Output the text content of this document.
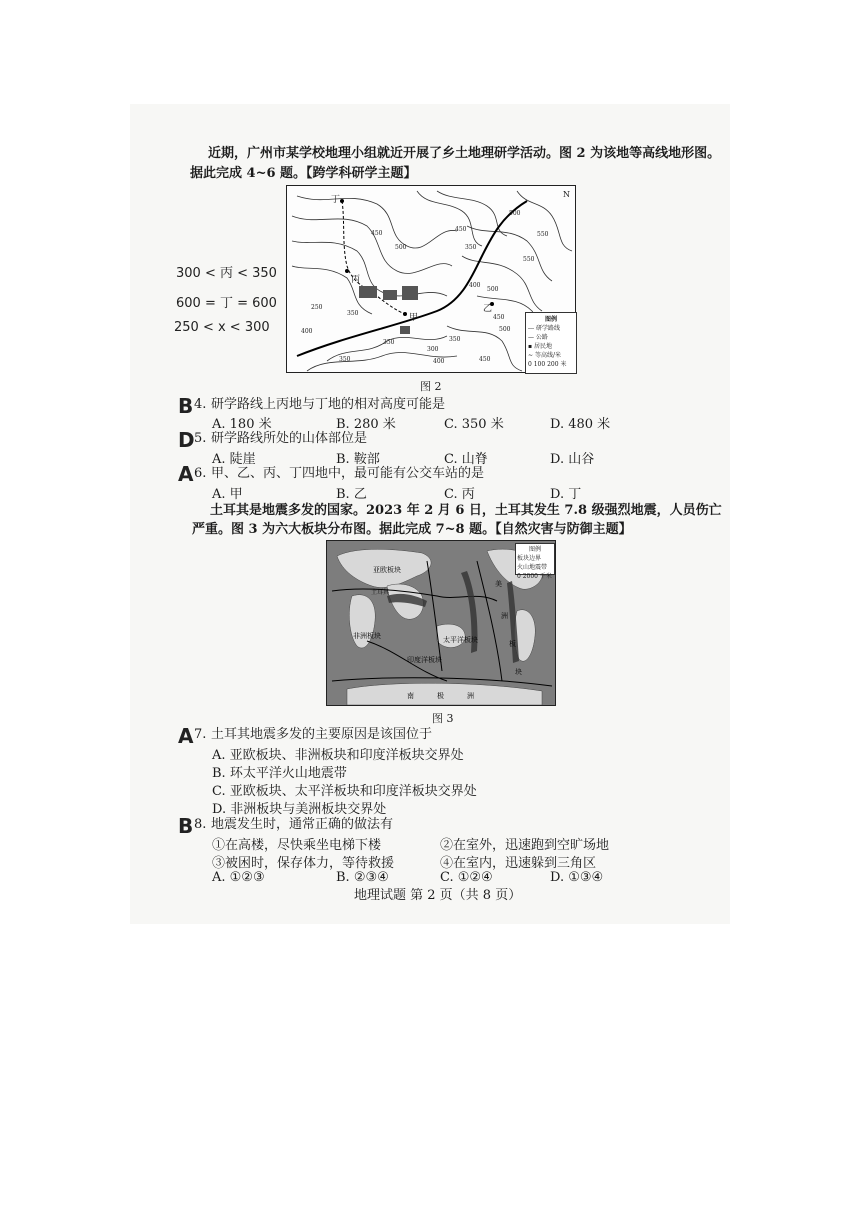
近期，广州市某学校地理小组就近开展了乡土地理研学活动。图 2 为该地等高线地形图。
据此完成 4~6 题。【跨学科研学主题】
300 < 丙 < 350
600 = 丁 = 600
250 < x < 300
N
丁
丙
乙
甲
450
500
550
350
400
450
500
350
350
400
250
350
300
350
400	450
500
450
500
550
图例
--- 研学路线
— 公路
▪ 居民地
~ 等高线/米
0 100 200 米
图 2
B 4. 研学路线上丙地与丁地的相对高度可能是
A. 180 米	B. 280 米	C. 350 米	D. 480 米
D 5. 研学路线所处的山体部位是
A. 陡崖	B. 鞍部	C. 山脊	D. 山谷
A 6. 甲、乙、丙、丁四地中，最可能有公交车站的是
A. 甲	B. 乙	C. 丙	D. 丁
土耳其是地震多发的国家。2023 年 2 月 6 日，土耳其发生 7.8 级强烈地震，人员伤亡
严重。图 3 为六大板块分布图。据此完成 7~8 题。【自然灾害与防御主题】
图例
板块边界
火山地震带
0 2000 千米
亚欧板块
土耳其
非洲板块
印度洋板块
太平洋板块
美
洲
板
块
南	极	洲
图 3
A 7. 土耳其地震多发的主要原因是该国位于
A. 亚欧板块、非洲板块和印度洋板块交界处
B. 环太平洋火山地震带
C. 亚欧板块、太平洋板块和印度洋板块交界处
D. 非洲板块与美洲板块交界处
B 8. 地震发生时，通常正确的做法有
①在高楼，尽快乘坐电梯下楼	②在室外，迅速跑到空旷场地
③被困时，保存体力，等待救援	④在室内，迅速躲到三角区
A. ①②③	B. ②③④	C. ①②④	D. ①③④
地理试题 第 2 页（共 8 页）
